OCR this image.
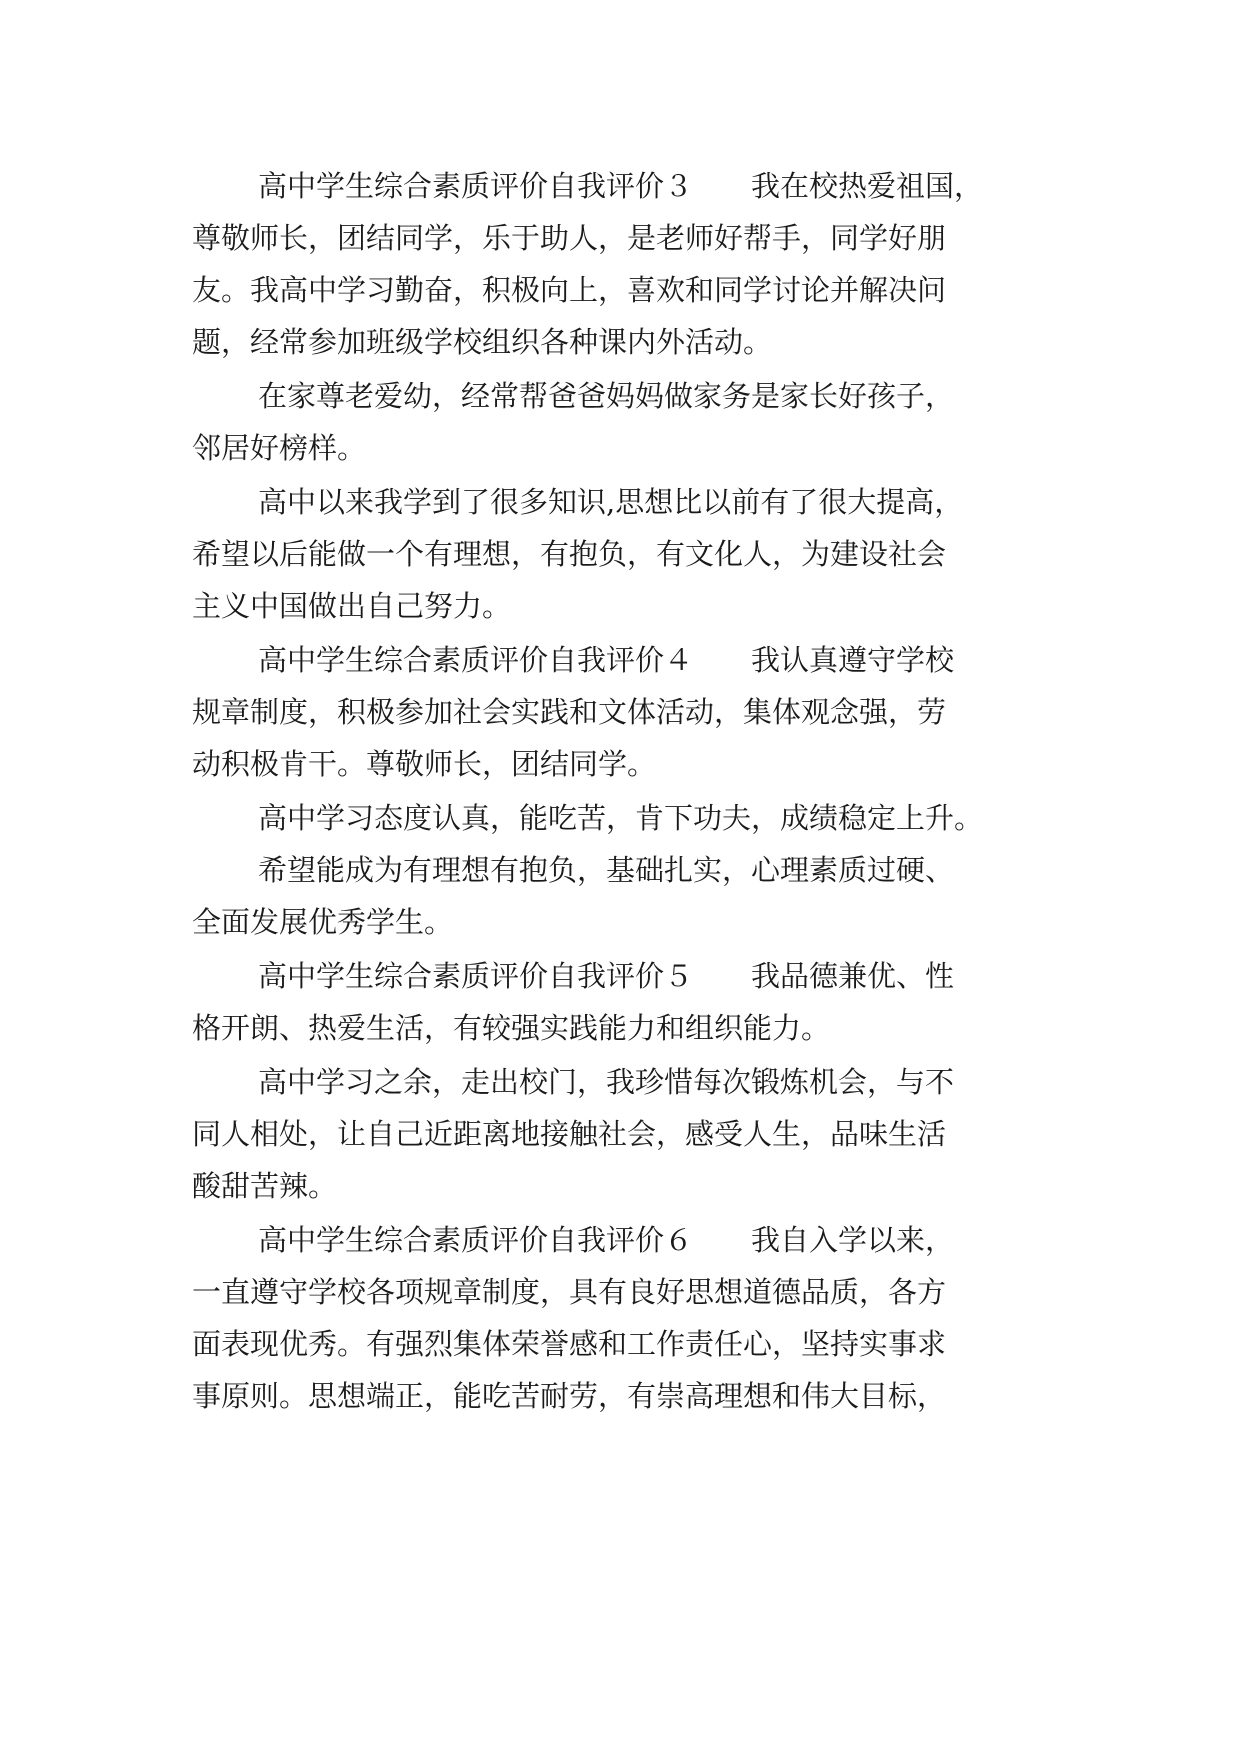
高中学生综合素质评价自我评价３　　我在校热爱祖国，
尊敬师长，团结同学，乐于助人，是老师好帮手，同学好朋
友。我高中学习勤奋，积极向上，喜欢和同学讨论并解决问
题，经常参加班级学校组织各种课内外活动。
在家尊老爱幼，经常帮爸爸妈妈做家务是家长好孩子，
邻居好榜样。
高中以来我学到了很多知识,思想比以前有了很大提高，
希望以后能做一个有理想，有抱负，有文化人，为建设社会
主义中国做出自己努力。
高中学生综合素质评价自我评价４　　我认真遵守学校
规章制度，积极参加社会实践和文体活动，集体观念强，劳
动积极肯干。尊敬师长，团结同学。
高中学习态度认真，能吃苦，肯下功夫，成绩稳定上升。
希望能成为有理想有抱负，基础扎实，心理素质过硬、
全面发展优秀学生。
高中学生综合素质评价自我评价５　　我品德兼优、性
格开朗、热爱生活，有较强实践能力和组织能力。
高中学习之余，走出校门，我珍惜每次锻炼机会，与不
同人相处，让自己近距离地接触社会，感受人生，品味生活
酸甜苦辣。
高中学生综合素质评价自我评价６　　我自入学以来，
一直遵守学校各项规章制度，具有良好思想道德品质，各方
面表现优秀。有强烈集体荣誉感和工作责任心，坚持实事求
事原则。思想端正，能吃苦耐劳，有崇高理想和伟大目标，
